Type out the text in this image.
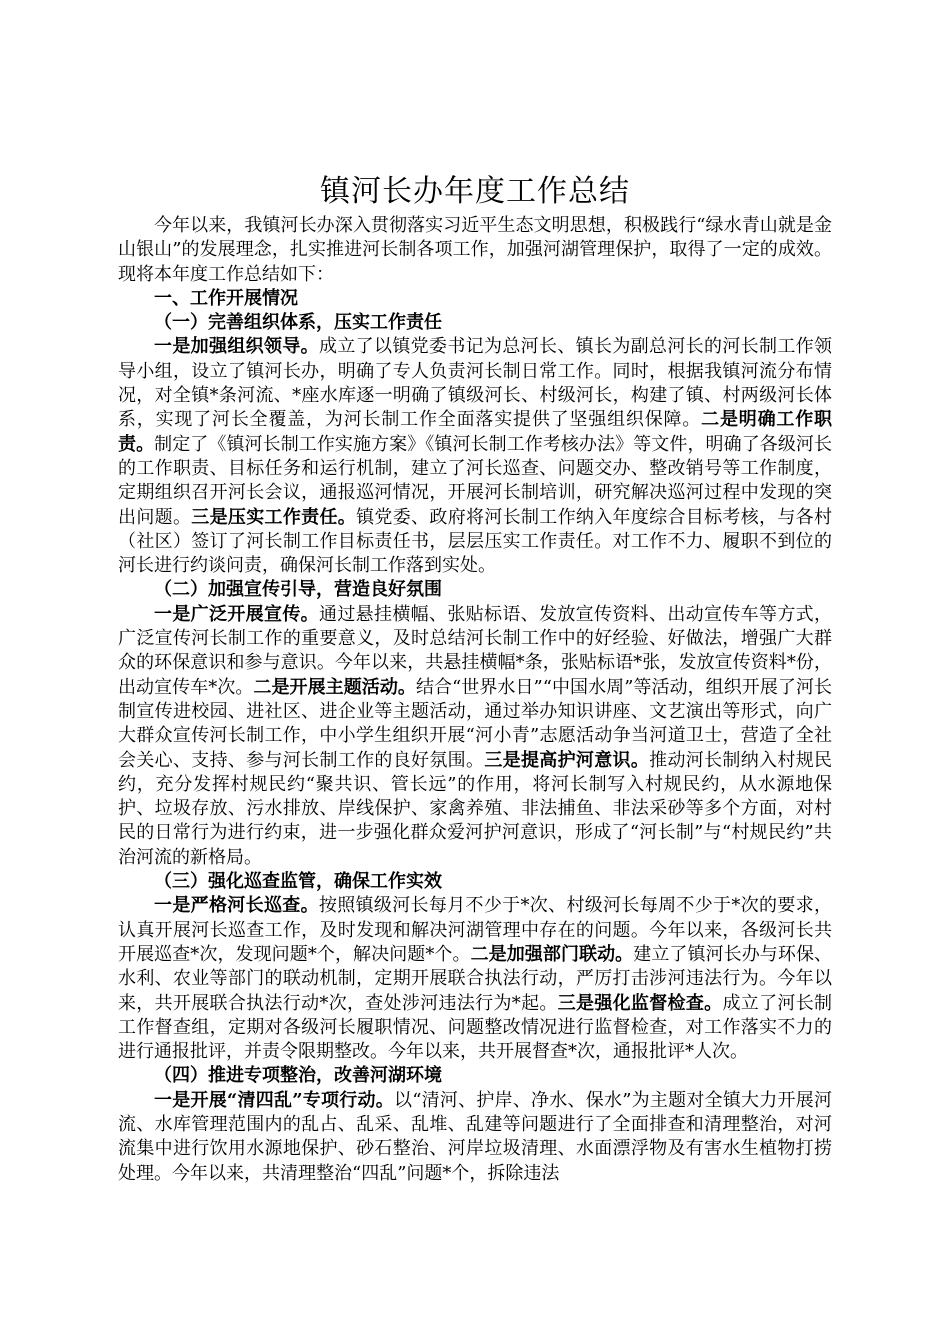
镇河长办年度工作总结

今年以来，我镇河长办深入贯彻落实习近平生态文明思想，积极践行“绿水青山就是金山银山”的发展理念，扎实推进河长制各项工作，加强河湖管理保护，取得了一定的成效。现将本年度工作总结如下：

一、工作开展情况

（一）完善组织体系，压实工作责任

一是加强组织领导。成立了以镇党委书记为总河长、镇长为副总河长的河长制工作领导小组，设立了镇河长办，明确了专人负责河长制日常工作。同时，根据我镇河流分布情况，对全镇*条河流、*座水库逐一明确了镇级河长、村级河长，构建了镇、村两级河长体系，实现了河长全覆盖，为河长制工作全面落实提供了坚强组织保障。二是明确工作职责。制定了《镇河长制工作实施方案》《镇河长制工作考核办法》等文件，明确了各级河长的工作职责、目标任务和运行机制，建立了河长巡查、问题交办、整改销号等工作制度，定期组织召开河长会议，通报巡河情况，开展河长制培训，研究解决巡河过程中发现的突出问题。三是压实工作责任。镇党委、政府将河长制工作纳入年度综合目标考核，与各村（社区）签订了河长制工作目标责任书，层层压实工作责任。对工作不力、履职不到位的河长进行约谈问责，确保河长制工作落到实处。

（二）加强宣传引导，营造良好氛围

一是广泛开展宣传。通过悬挂横幅、张贴标语、发放宣传资料、出动宣传车等方式，广泛宣传河长制工作的重要意义，及时总结河长制工作中的好经验、好做法，增强广大群众的环保意识和参与意识。今年以来，共悬挂横幅*条，张贴标语*张，发放宣传资料*份，出动宣传车*次。二是开展主题活动。结合“世界水日”“中国水周”等活动，组织开展了河长制宣传进校园、进社区、进企业等主题活动，通过举办知识讲座、文艺演出等形式，向广大群众宣传河长制工作，中小学生组织开展“河小青”志愿活动争当河道卫士，营造了全社会关心、支持、参与河长制工作的良好氛围。三是提高护河意识。推动河长制纳入村规民约，充分发挥村规民约“聚共识、管长远”的作用，将河长制写入村规民约，从水源地保护、垃圾存放、污水排放、岸线保护、家禽养殖、非法捕鱼、非法采砂等多个方面，对村民的日常行为进行约束，进一步强化群众爱河护河意识，形成了“河长制”与“村规民约”共治河流的新格局。

（三）强化巡查监管，确保工作实效

一是严格河长巡查。按照镇级河长每月不少于*次、村级河长每周不少于*次的要求，认真开展河长巡查工作，及时发现和解决河湖管理中存在的问题。今年以来，各级河长共开展巡查*次，发现问题*个，解决问题*个。二是加强部门联动。建立了镇河长办与环保、水利、农业等部门的联动机制，定期开展联合执法行动，严厉打击涉河违法行为。今年以来，共开展联合执法行动*次，查处涉河违法行为*起。三是强化监督检查。成立了河长制工作督查组，定期对各级河长履职情况、问题整改情况进行监督检查，对工作落实不力的进行通报批评，并责令限期整改。今年以来，共开展督查*次，通报批评*人次。

（四）推进专项整治，改善河湖环境

一是开展“清四乱”专项行动。以“清河、护岸、净水、保水”为主题对全镇大力开展河流、水库管理范围内的乱占、乱采、乱堆、乱建等问题进行了全面排查和清理整治，对河流集中进行饮用水源地保护、砂石整治、河岸垃圾清理、水面漂浮物及有害水生植物打捞处理。今年以来，共清理整治“四乱”问题*个，拆除违法
